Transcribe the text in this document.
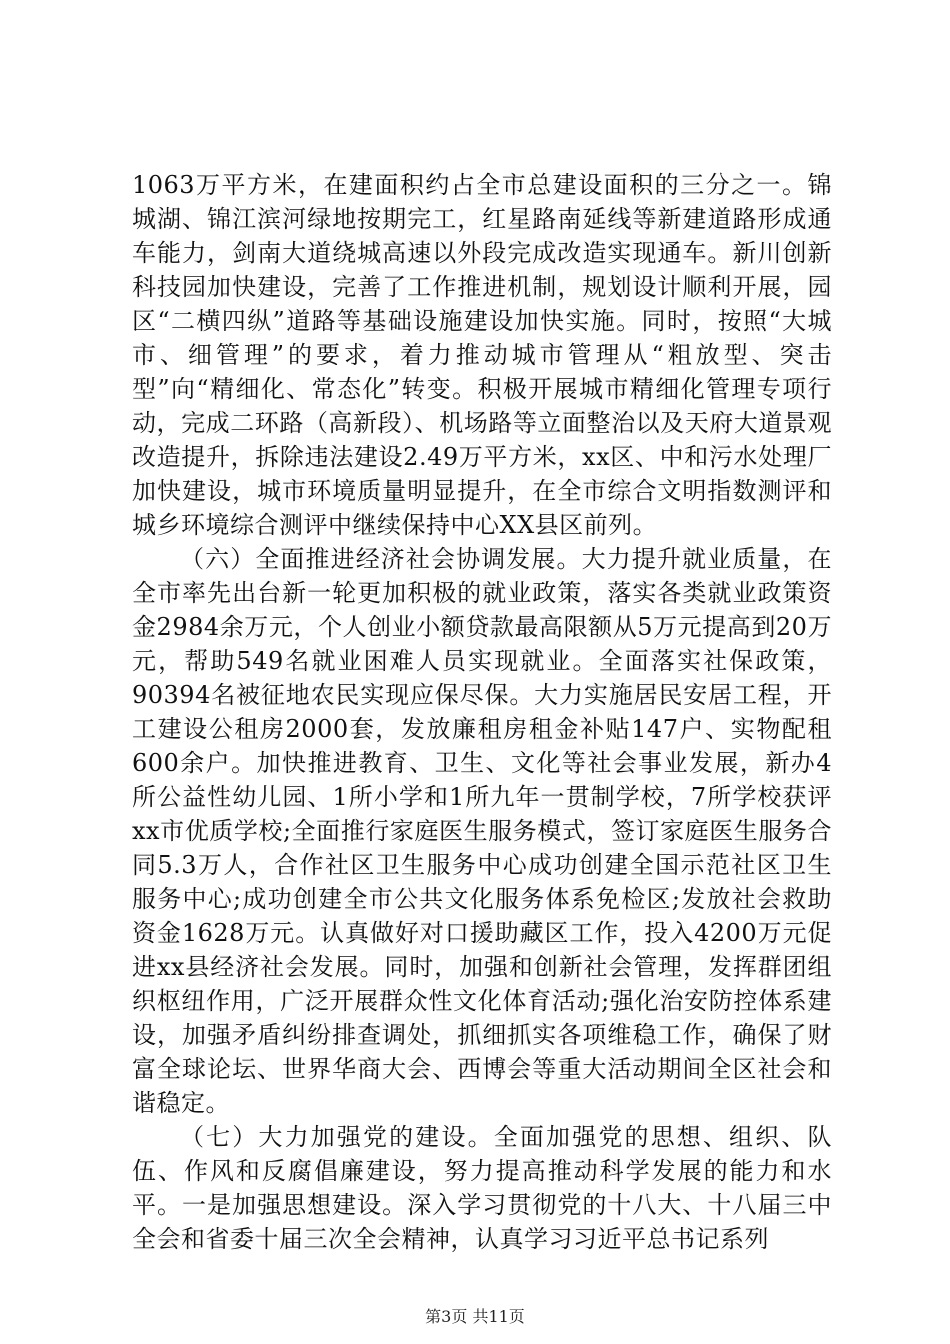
1063万平方米，在建面积约占全市总建设面积的三分之一。锦城湖、锦江滨河绿地按期完工，红星路南延线等新建道路形成通车能力，剑南大道绕城高速以外段完成改造实现通车。新川创新科技园加快建设，完善了工作推进机制，规划设计顺利开展，园区“二横四纵”道路等基础设施建设加快实施。同时，按照“大城市、细管理”的要求，着力推动城市管理从“粗放型、突击型”向“精细化、常态化”转变。积极开展城市精细化管理专项行动，完成二环路（高新段）、机场路等立面整治以及天府大道景观改造提升，拆除违法建设2.49万平方米，xx区、中和污水处理厂加快建设，城市环境质量明显提升，在全市综合文明指数测评和城乡环境综合测评中继续保持中心XX县区前列。

（六）全面推进经济社会协调发展。大力提升就业质量，在全市率先出台新一轮更加积极的就业政策，落实各类就业政策资金2984余万元，个人创业小额贷款最高限额从5万元提高到20万元，帮助549名就业困难人员实现就业。全面落实社保政策，90394名被征地农民实现应保尽保。大力实施居民安居工程，开工建设公租房2000套，发放廉租房租金补贴147户、实物配租600余户。加快推进教育、卫生、文化等社会事业发展，新办4所公益性幼儿园、1所小学和1所九年一贯制学校，7所学校获评xx市优质学校;全面推行家庭医生服务模式，签订家庭医生服务合同5.3万人，合作社区卫生服务中心成功创建全国示范社区卫生服务中心;成功创建全市公共文化服务体系免检区;发放社会救助资金1628万元。认真做好对口援助藏区工作，投入4200万元促进xx县经济社会发展。同时，加强和创新社会管理，发挥群团组织枢纽作用，广泛开展群众性文化体育活动;强化治安防控体系建设，加强矛盾纠纷排查调处，抓细抓实各项维稳工作，确保了财富全球论坛、世界华商大会、西博会等重大活动期间全区社会和谐稳定。

（七）大力加强党的建设。全面加强党的思想、组织、队伍、作风和反腐倡廉建设，努力提高推动科学发展的能力和水平。一是加强思想建设。深入学习贯彻党的十八大、十八届三中全会和省委十届三次全会精神，认真学习习近平总书记系列

第3页 共11页
